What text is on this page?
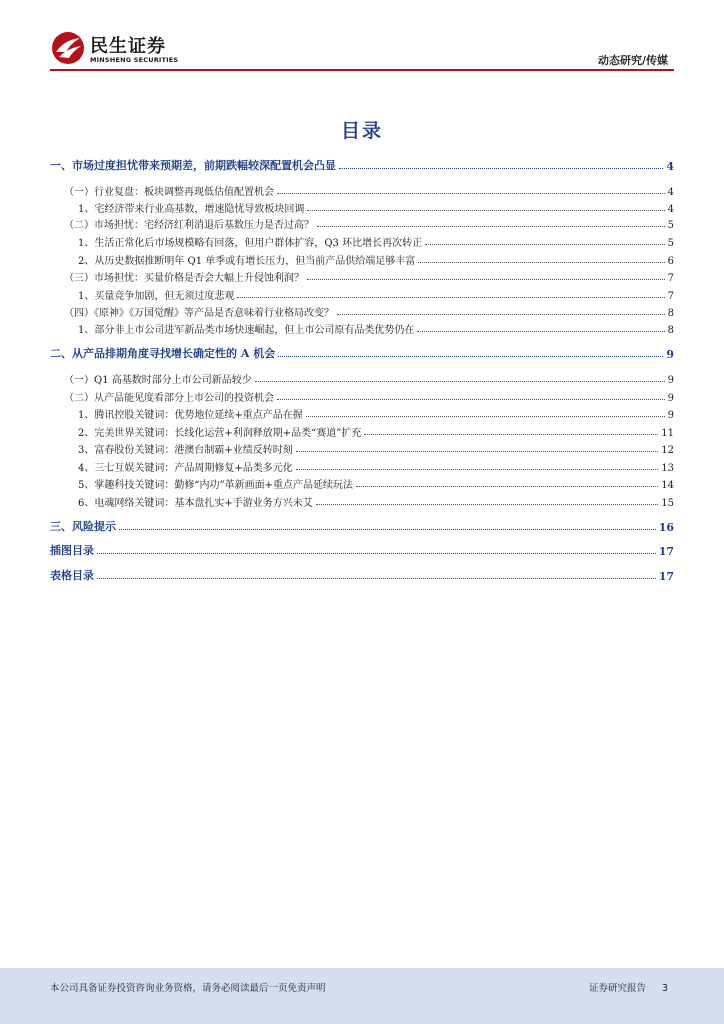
民生证券
MINSHENG SECURITIES	动态研究/传媒
目录
一、市场过度担忧带来预期差，前期跌幅较深配置机会凸显	4
（一）行业复盘：板块调整再现低估值配置机会	4
1、宅经济带来行业高基数，增速隐忧导致板块回调	4
（二）市场担忧：宅经济红利消退后基数压力是否过高？	5
1、生活正常化后市场规模略有回落，但用户群体扩容，Q3 环比增长再次转正	5
2、从历史数据推断明年 Q1 单季或有增长压力，但当前产品供给端足够丰富	6
（三）市场担忧：买量价格是否会大幅上升侵蚀利润？	7
1、买量竞争加剧，但无须过度悲观	7
（四）《原神》《万国觉醒》等产品是否意味着行业格局改变？	8
1、部分非上市公司进军新品类市场快速崛起，但上市公司原有品类优势仍在	8
二、从产品排期角度寻找增长确定性的 A 机会	9
（一）Q1 高基数时部分上市公司新品较少	9
（二）从产品能见度看部分上市公司的投资机会	9
1、腾讯控股关键词：优势地位延续+重点产品在握	9
2、完美世界关键词：长线化运营+利润释放期+品类“赛道”扩充	11
3、富春股份关键词：港澳台制霸+业绩反转时刻	12
4、三七互娱关键词：产品周期修复+品类多元化	13
5、掌趣科技关键词：勤修“内功”革新画面+重点产品延续玩法	14
6、电魂网络关键词：基本盘扎实+手游业务方兴未艾	15
三、风险提示	16
插图目录	17
表格目录	17
本公司具备证券投资咨询业务资格，请务必阅读最后一页免责声明	证券研究报告 3
